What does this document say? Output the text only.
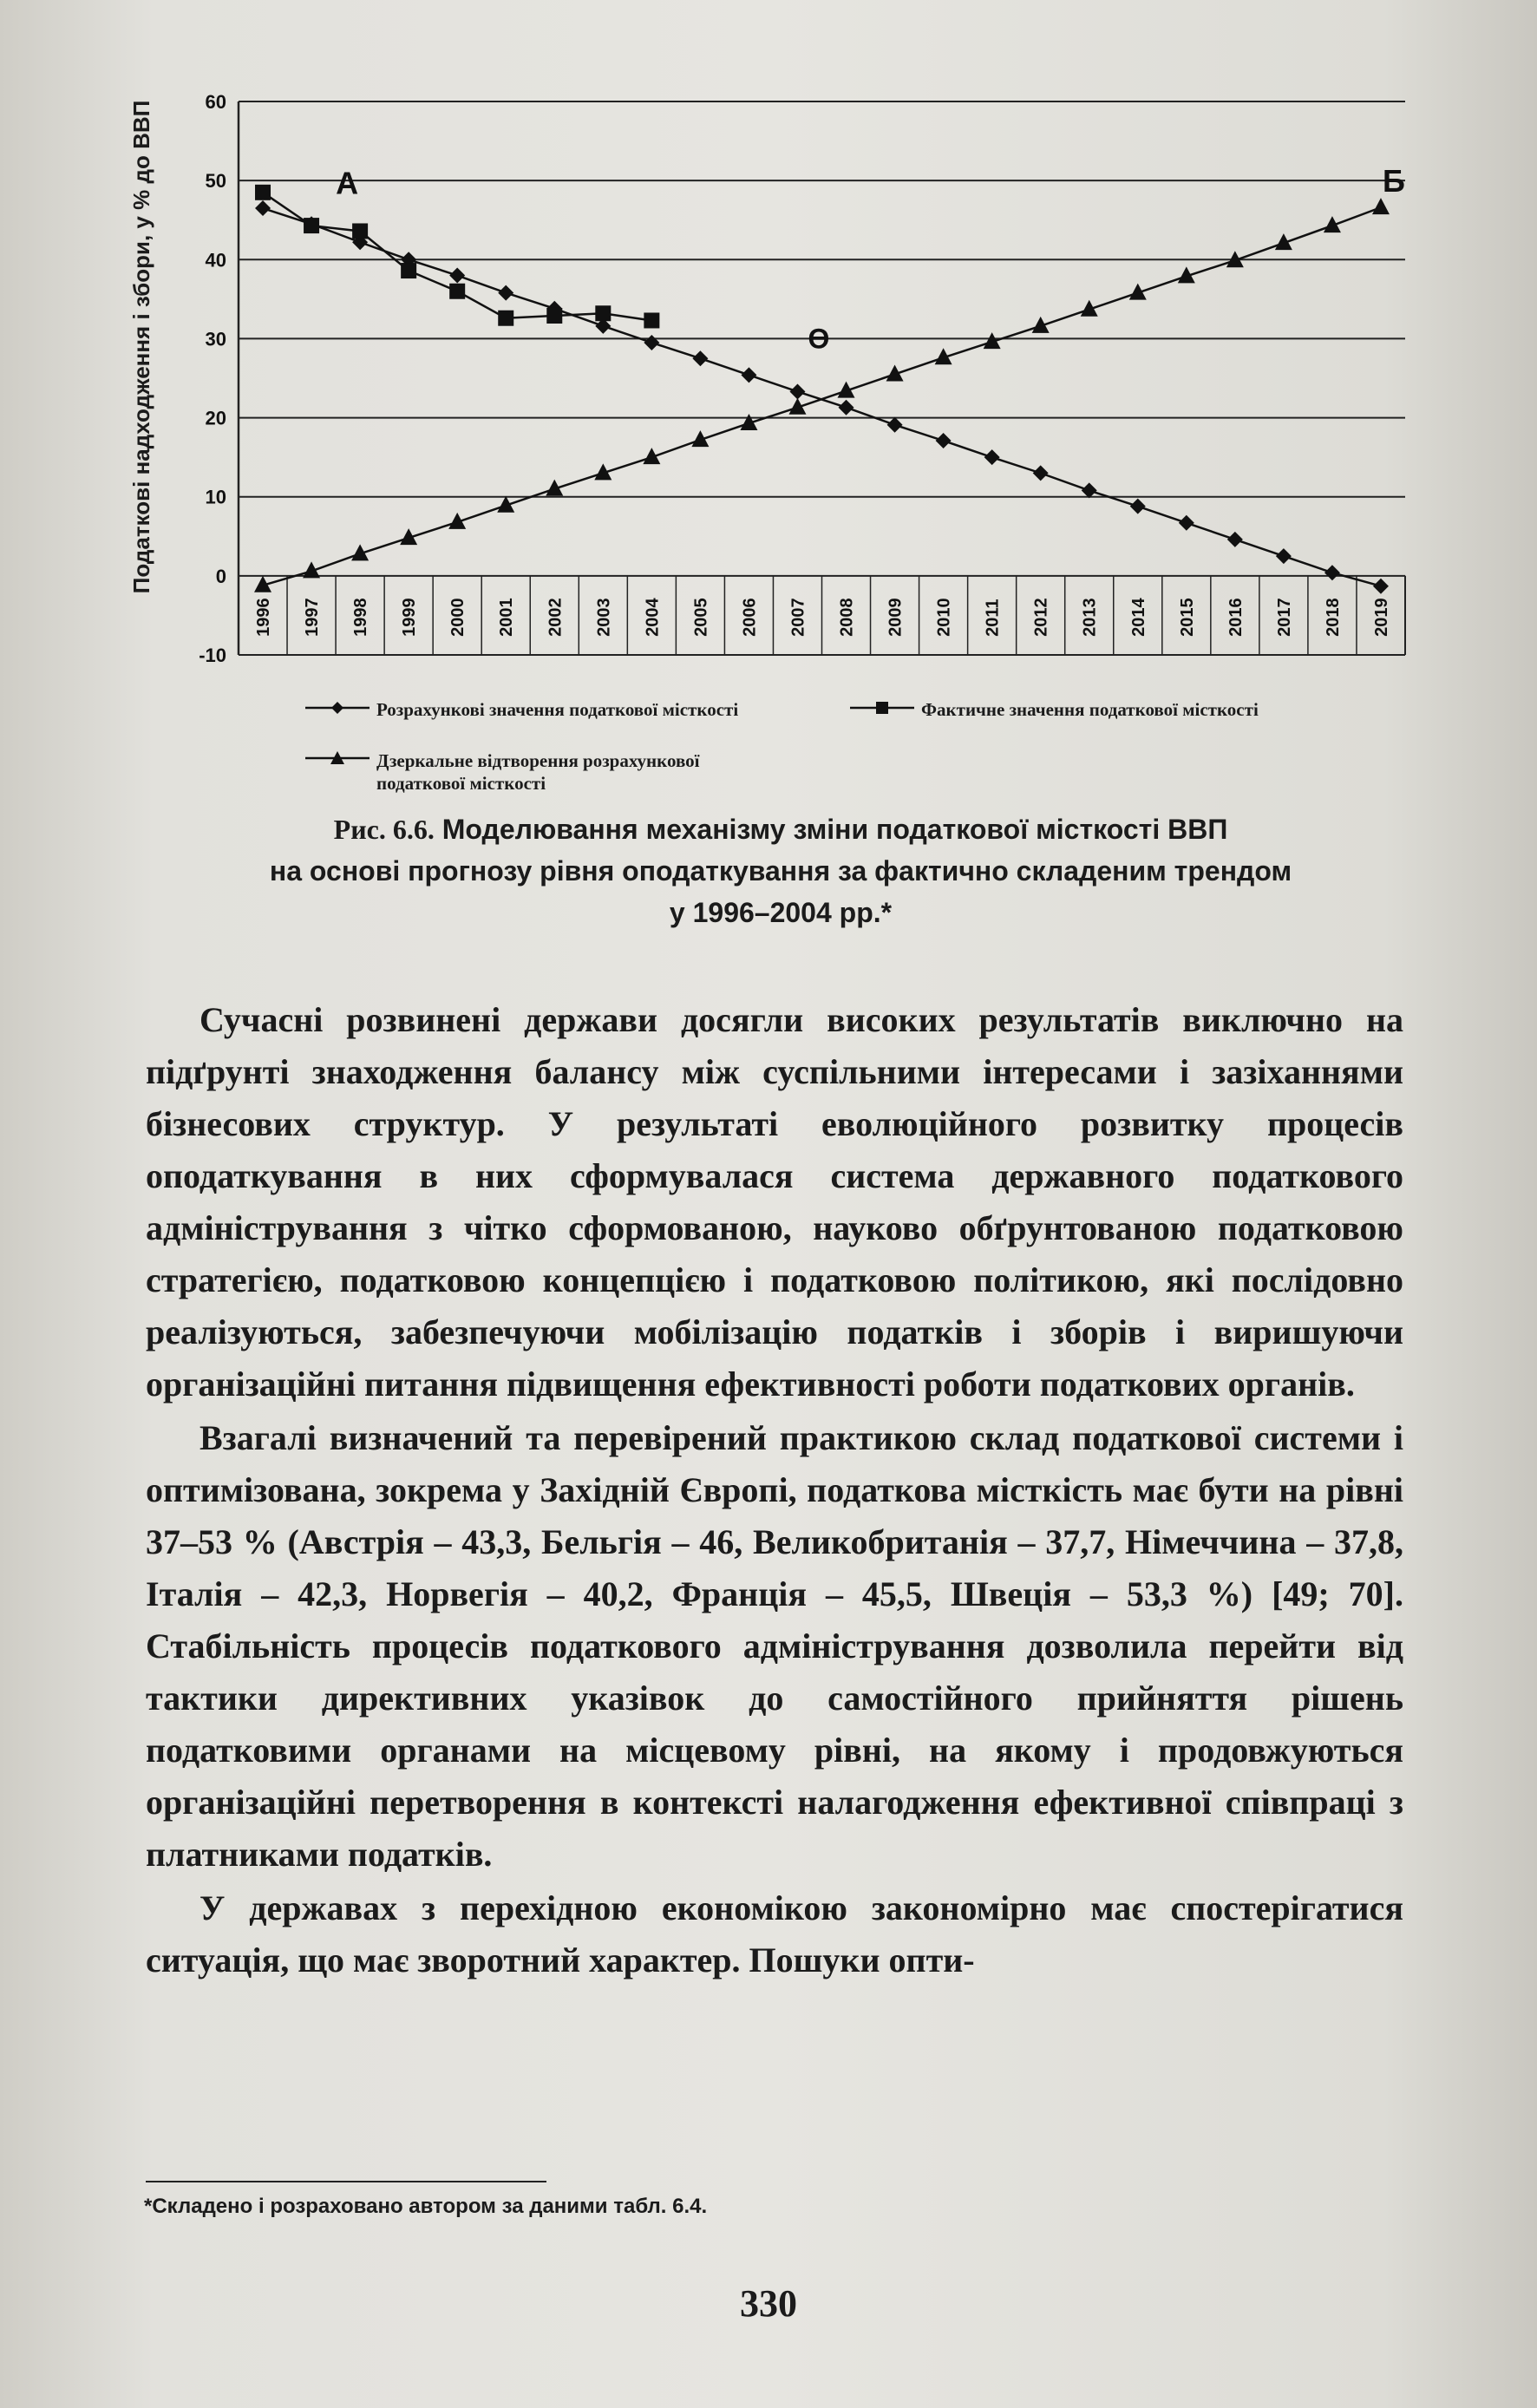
Податкові надходження і збори, у % до ВВП	60
50
40
30
20
10
0
-10
1996 1997 1998 1999 2000 2001 2002 2003 2004 2005 2006 2007 2008 2009 2010 2011 2012 2013 2014 2015 2016 2017 2018 2019
А	Б
Ө
Розрахункові значення податкової місткості	Фактичне значення податкової місткості
Дзеркальне відтворення розрахункової
податкової місткості
Рис. 6.6. Моделювання механізму зміни податкової місткості ВВП
на основі прогнозу рівня оподаткування за фактично складеним трендом
у 1996–2004 рр.*

Сучасні розвинені держави досягли високих результатів виключно на підґрунті знаходження балансу між суспільними інтересами і зазіханнями бізнесових структур. У результаті еволюційного розвитку процесів оподаткування в них сформувалася система державного податкового адміністрування з чітко сформованою, науково обґрунтованою податковою стратегією, податковою концепцією і податковою політикою, які послідовно реалізуються, забезпечуючи мобілізацію податків і зборів і виришуючи організаційні питання підвищення ефективності роботи податкових органів.

Взагалі визначений та перевірений практикою склад податкової системи і оптимізована, зокрема у Західній Європі, податкова місткість має бути на рівні 37–53 % (Австрія – 43,3, Бельгія – 46, Великобританія – 37,7, Німеччина – 37,8, Італія – 42,3, Норвегія – 40,2, Франція – 45,5, Швеція – 53,3 %) [49; 70]. Стабільність процесів податкового адміністрування дозволила перейти від тактики директивних указівок до самостійного прийняття рішень податковими органами на місцевому рівні, на якому і продовжуються організаційні перетворення в контексті налагодження ефективної співпраці з платниками податків.

У державах з перехідною економікою закономірно має спостерігатися ситуація, що має зворотний характер. Пошуки опти-

*Складено і розраховано автором за даними табл. 6.4.
330
